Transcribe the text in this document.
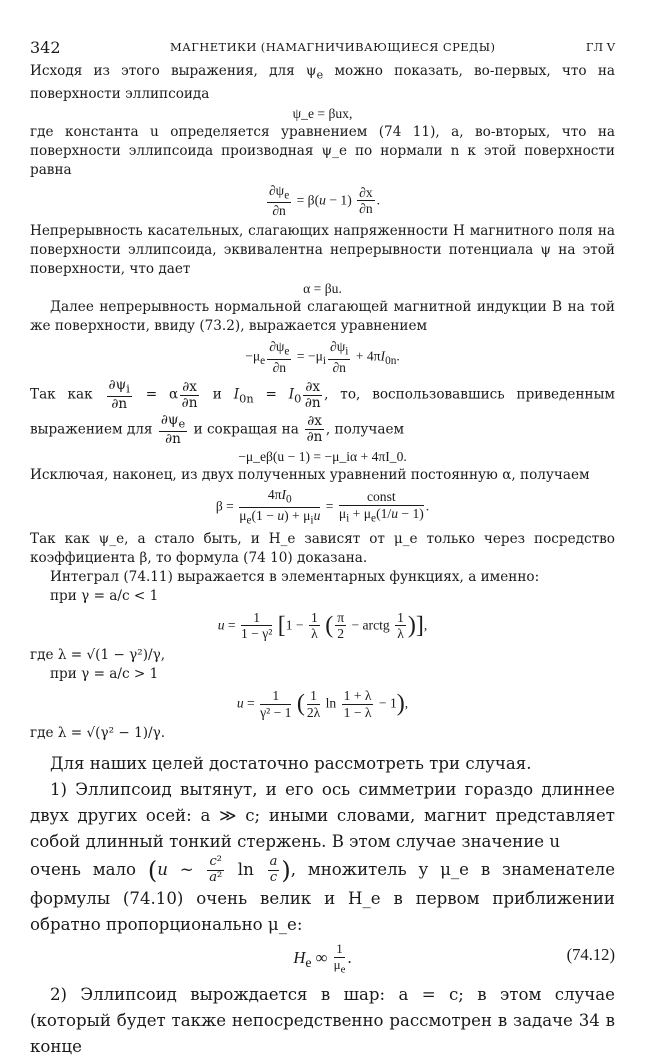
342	МАГНЕТИКИ (НАМАГНИЧИВАЮЩИЕСЯ СРЕДЫ)	ГЛ V

Исходя из этого выражения, для $\psi_e$ можно показать, во-первых, что на поверхности эллипсоида

ψ_e = βux,

где константа u определяется уравнением (74 11), а, во-вторых, что на поверхности эллипсоида производная ψ_e по нормали n к этой поверхности равна

$\frac{\partial\psi_e}{\partial n} = \beta(u - 1) \frac{\partial x}{\partial n}$ .

Непрерывность касательных, слагающих напряженности H магнитного поля на поверхности эллипсоида, эквивалентна непрерывности потенциала ψ на этой поверхности, что дает

α = βu.

Далее непрерывность нормальной слагающей магнитной индукции B на той же поверхности, ввиду (73.2), выражается уравнением

$-\mu_e \frac{\partial\psi_e}{\partial n} = -\mu_i \frac{\partial\psi_i}{\partial n} + 4\pi I_{0n}$.

Так как $\frac{\partial\psi_i}{\partial n} = \alpha \frac{\partial x}{\partial n}$ и $I_{0n} = I_0 \frac{\partial x}{\partial n}$ , то, воспользовавшись приведенным выражением для $\frac{\partial\psi_e}{\partial n}$ и сокращая на $\frac{\partial x}{\partial n}$ , получаем

−μ_eβ(u − 1) = −μ_iα + 4πI_0.

Исключая, наконец, из двух полученных уравнений постоянную α, получаем

β =
$4\pi I_0$
$\mu_e(1 - u) + \mu_iu$
=
const
$\mu_i + \mu_e(1/u - 1)$ .

Так как ψ_e, а стало быть, и H_e зависят от μ_e только через посредство коэффициента β, то формула (74 10) доказана.

Интеграл (74.11) выражается в элементарных функциях, а именно:

при γ = a/c < 1

$u = \frac{1}{\text{1 − γ²}} [1 - \frac{1}{\lambda}$ ( $\frac{\pi}{2}$ − arctg $\frac{1}{\lambda}$ )],

где λ = √(1 − γ²)/γ,

при γ = a/c > 1

$u = \frac{1}{\text{γ² − 1}}$ ( $\frac{1}{2\lambda}$ $\ln \frac{1 + \lambda}{1 - \lambda} - 1$),

где λ = √(γ² − 1)/γ.

Для наших целей достаточно рассмотреть три случая.

1) Эллипсоид вытянут, и его ось симметрии гораздо длиннее двух других осей: a ≫ c; иными словами, магнит представляет собой длинный тонкий стержень. В этом случае значение u

очень мало (u ~ $\frac{\text{c²}}{\text{a²}}$ $\ln \frac{a}{c}$ ), множитель у μ_e в знаменателе формулы (74.10) очень велик и H_e в первом приближении обратно пропорционально μ_e:

$H_e$ ∞ $\frac{1}{\mu_e}$ .	(74.12)

2) Эллипсоид вырождается в шар: a = c; в этом случае (который будет также непосредственно рассмотрен в задаче 34 в конце
